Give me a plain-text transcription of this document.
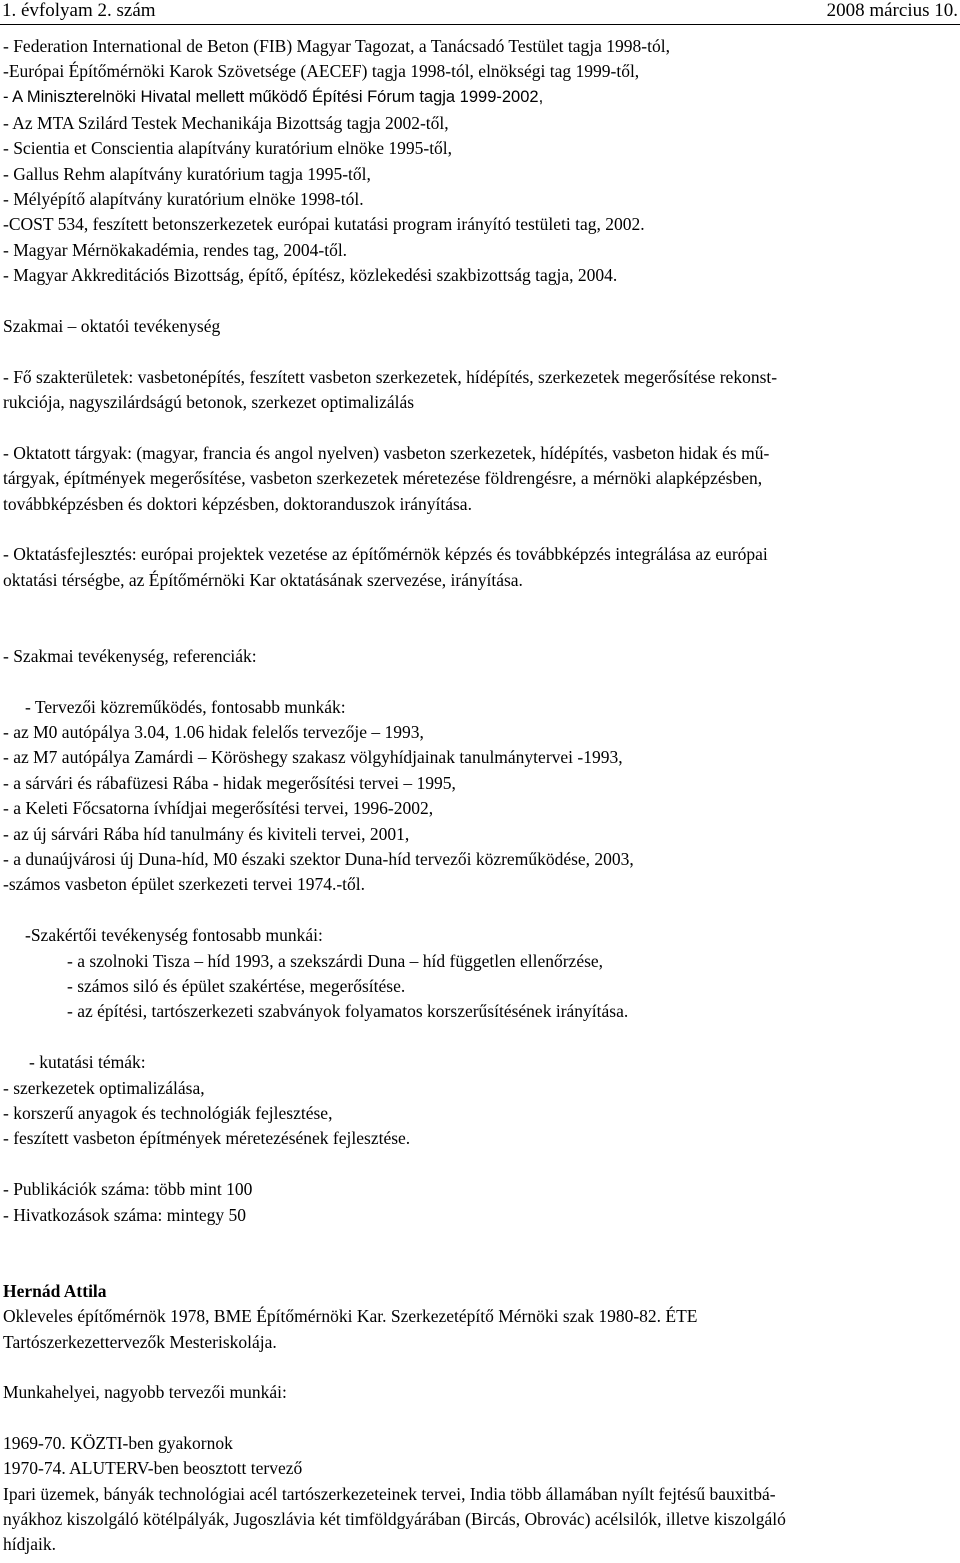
1. évfolyam 2. szám	2008 március 10.
- Federation International de Beton (FIB) Magyar Tagozat, a Tanácsadó Testület tagja 1998-tól,
-Európai Építőmérnöki Karok Szövetsége (AECEF) tagja 1998-tól, elnökségi tag 1999-től,
- A Miniszterelnöki Hivatal mellett működő Építési Fórum tagja 1999-2002,
- Az MTA Szilárd Testek Mechanikája Bizottság tagja 2002-től,
- Scientia et Conscientia alapítvány kuratórium elnöke 1995-től,
- Gallus Rehm alapítvány kuratórium tagja 1995-től,
- Mélyépítő alapítvány kuratórium elnöke 1998-tól.
-COST 534, feszített betonszerkezetek európai kutatási program irányító testületi tag, 2002.
- Magyar Mérnökakadémia, rendes tag, 2004-től.
- Magyar Akkreditációs Bizottság, építő, építész, közlekedési szakbizottság tagja, 2004.
Szakmai – oktatói tevékenység
- Fő szakterületek: vasbetonépítés, feszített vasbeton szerkezetek, hídépítés, szerkezetek megerősítése rekonst-
rukciója, nagyszilárdságú betonok, szerkezet optimalizálás
- Oktatott tárgyak: (magyar, francia és angol nyelven) vasbeton szerkezetek, hídépítés, vasbeton hidak és mű-
tárgyak, építmények megerősítése, vasbeton szerkezetek méretezése földrengésre, a mérnöki alapképzésben,
továbbképzésben és doktori képzésben, doktoranduszok irányítása.
- Oktatásfejlesztés: európai projektek vezetése az építőmérnök képzés és továbbképzés integrálása az európai
oktatási térségbe, az Építőmérnöki Kar oktatásának szervezése, irányítása.
- Szakmai tevékenység, referenciák:
- Tervezői közreműködés, fontosabb munkák:
- az M0 autópálya 3.04, 1.06 hidak felelős tervezője – 1993,
- az M7 autópálya Zamárdi – Köröshegy szakasz völgyhídjainak tanulmánytervei -1993,
- a sárvári és rábafüzesi Rába - hidak megerősítési tervei – 1995,
- a Keleti Főcsatorna ívhídjai megerősítési tervei, 1996-2002,
- az új sárvári Rába híd tanulmány és kiviteli tervei, 2001,
- a dunaújvárosi új Duna-híd, M0 északi szektor Duna-híd tervezői közreműködése, 2003,
-számos vasbeton épület szerkezeti tervei 1974.-től.
-Szakértői tevékenység fontosabb munkái:
- a szolnoki Tisza – híd 1993, a szekszárdi Duna – híd független ellenőrzése,
- számos siló és épület szakértése, megerősítése.
- az építési, tartószerkezeti szabványok folyamatos korszerűsítésének irányítása.
- kutatási témák:
- szerkezetek optimalizálása,
- korszerű anyagok és technológiák fejlesztése,
- feszített vasbeton építmények méretezésének fejlesztése.
- Publikációk száma: több mint 100
- Hivatkozások száma: mintegy 50
Hernád Attila
Okleveles építőmérnök 1978, BME Építőmérnöki Kar. Szerkezetépítő Mérnöki szak 1980-82. ÉTE
Tartószerkezettervezők Mesteriskolája.
Munkahelyei, nagyobb tervezői munkái:
1969-70. KÖZTI-ben gyakornok
1970-74. ALUTERV-ben beosztott tervező
Ipari üzemek, bányák technológiai acél tartószerkezeteinek tervei, India több államában nyílt fejtésű bauxitbá-
nyákhoz kiszolgáló kötélpályák, Jugoszlávia két timföldgyárában (Bircás, Obrovác) acélsilók, illetve kiszolgáló
hídjaik.
